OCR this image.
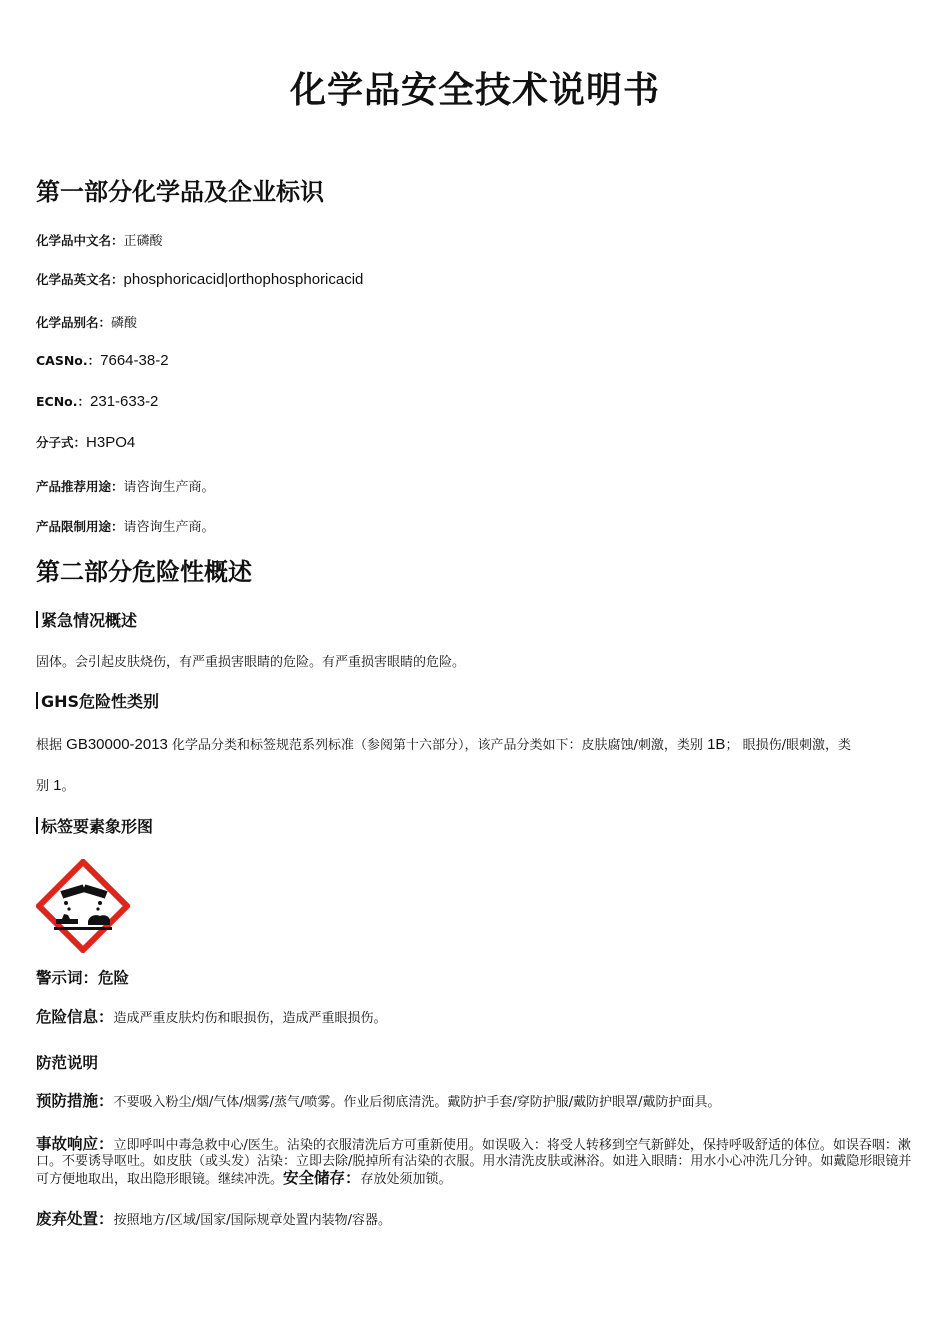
化学品安全技术说明书
第一部分化学品及企业标识
化学品中文名：正磷酸
化学品英文名：phosphoricacid|orthophosphoricacid
化学品别名：磷酸
CASNo.：7664-38-2
ECNo.：231-633-2
分子式：H3PO4
产品推荐用途：请咨询生产商。
产品限制用途：请咨询生产商。
第二部分危险性概述
紧急情况概述
固体。会引起皮肤烧伤，有严重损害眼睛的危险。有严重损害眼睛的危险。
GHS危险性类别
根据 GB30000-2013 化学品分类和标签规范系列标准（参阅第十六部分），该产品分类如下：皮肤腐蚀/刺激，类别 1B； 眼损伤/眼刺激，类
别 1。
标签要素象形图
警示词：危险
危险信息：造成严重皮肤灼伤和眼损伤，造成严重眼损伤。
防范说明
预防措施：不要吸入粉尘/烟/气体/烟雾/蒸气/喷雾。作业后彻底清洗。戴防护手套/穿防护服/戴防护眼罩/戴防护面具。
事故响应：立即呼叫中毒急救中心/医生。沾染的衣服清洗后方可重新使用。如误吸入：将受人转移到空气新鲜处，保持呼吸舒适的体位。如误吞咽：漱口。不要诱导呕吐。如皮肤（或头发）沾染：立即去除/脱掉所有沾染的衣服。用水清洗皮肤或淋浴。如进入眼睛：用水小心冲洗几分钟。如戴隐形眼镜并可方便地取出，取出隐形眼镜。继续冲洗。安全储存：存放处须加锁。
废弃处置：按照地方/区域/国家/国际规章处置内装物/容器。
